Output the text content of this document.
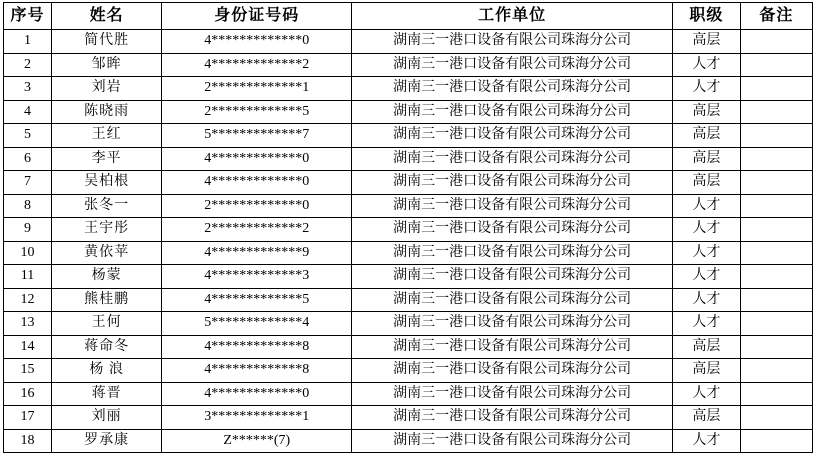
序号	姓名	身份证号码	工作单位	职级	备注
1	简代胜	4*************0	湖南三一港口设备有限公司珠海分公司	高层	
2	邹眸	4*************2	湖南三一港口设备有限公司珠海分公司	人才	
3	刘岩	2*************1	湖南三一港口设备有限公司珠海分公司	人才	
4	陈晓雨	2*************5	湖南三一港口设备有限公司珠海分公司	高层	
5	王红	5*************7	湖南三一港口设备有限公司珠海分公司	高层	
6	李平	4*************0	湖南三一港口设备有限公司珠海分公司	高层	
7	吴柏根	4*************0	湖南三一港口设备有限公司珠海分公司	高层	
8	张冬一	2*************0	湖南三一港口设备有限公司珠海分公司	人才	
9	王宇彤	2*************2	湖南三一港口设备有限公司珠海分公司	人才	
10	黄依苹	4*************9	湖南三一港口设备有限公司珠海分公司	人才	
11	杨蒙	4*************3	湖南三一港口设备有限公司珠海分公司	人才	
12	熊桂鹏	4*************5	湖南三一港口设备有限公司珠海分公司	人才	
13	王何	5*************4	湖南三一港口设备有限公司珠海分公司	人才	
14	蒋命冬	4*************8	湖南三一港口设备有限公司珠海分公司	高层	
15	杨 浪	4*************8	湖南三一港口设备有限公司珠海分公司	高层	
16	蒋晋	4*************0	湖南三一港口设备有限公司珠海分公司	人才	
17	刘丽	3*************1	湖南三一港口设备有限公司珠海分公司	高层	
18	罗承康	Z******(7)	湖南三一港口设备有限公司珠海分公司	人才	
